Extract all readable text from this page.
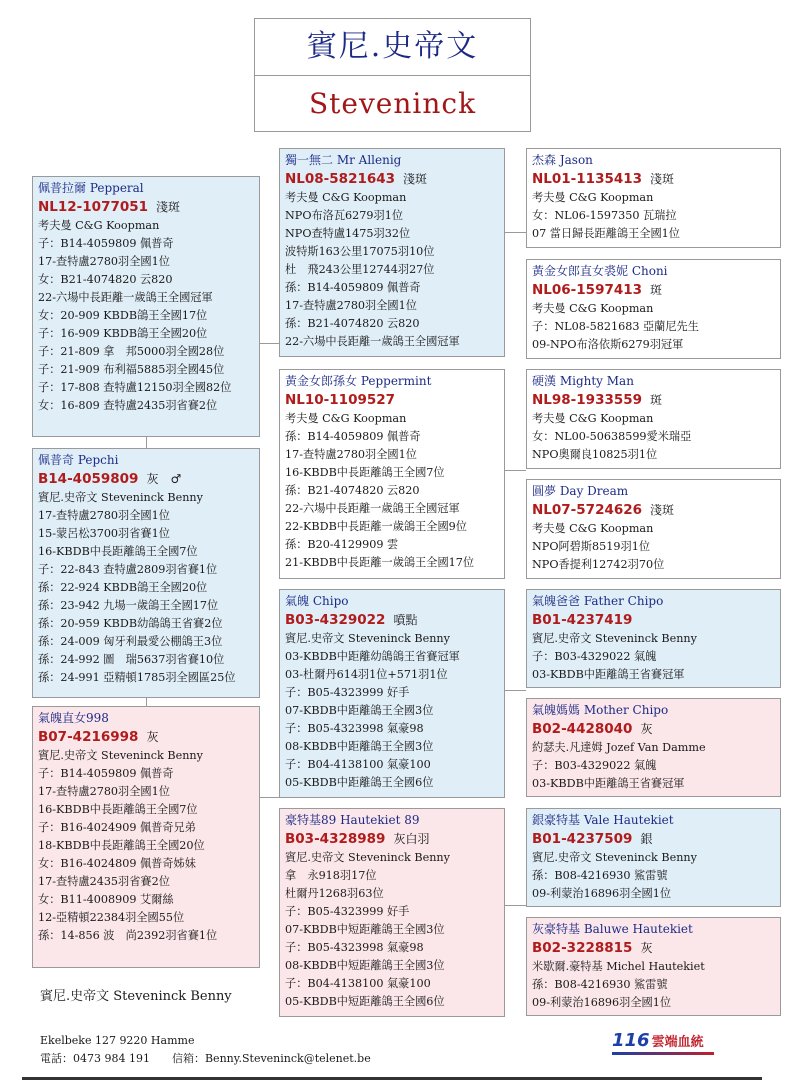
賓尼.史帝文
Steveninck
佩普拉爾 Pepperal
NL12-1077051 淺斑
考夫曼 C&G Koopman
子：B14-4059809 佩普奇
17-查特盧2780羽全國1位
女：B21-4074820 云820
22-六場中長距離一歲鴿王全國冠軍
女：20-909 KBDB鴿王全國17位
子：16-909 KBDB鴿王全國20位
子：21-809 拿　邦5000羽全國28位
子：21-909 布利福5885羽全國45位
子：17-808 查特盧12150羽全國82位
女：16-809 查特盧2435羽省賽2位
佩普奇 Pepchi
B14-4059809 灰　♂
賓尼.史帝文 Steveninck Benny
17-查特盧2780羽全國1位
15-蒙呂松3700羽省賽1位
16-KBDB中長距離鴿王全國7位
子：22-843 查特盧2809羽省賽1位
孫：22-924 KBDB鴿王全國20位
孫：23-942 九場一歲鴿王全國17位
孫：20-959 KBDB幼鴿鴿王省賽2位
孫：24-009 匈牙利最愛公棚鴿王3位
孫：24-992 圖　瑞5637羽省賽10位
孫：24-991 亞精頓1785羽全國區25位
氣魄直女998
B07-4216998 灰
賓尼.史帝文 Steveninck Benny
子：B14-4059809 佩普奇
17-查特盧2780羽全國1位
16-KBDB中長距離鴿王全國7位
子：B16-4024909 佩普奇兄弟
18-KBDB中長距離鴿王全國20位
女：B16-4024809 佩普奇姊妹
17-查特盧2435羽省賽2位
女：B11-4008909 艾爾絲
12-亞精頓22384羽全國55位
孫：14-856 波　尚2392羽省賽1位
獨一無二 Mr Allenig
NL08-5821643 淺斑
考夫曼 C&G Koopman
NPO布洛瓦6279羽1位
NPO查特盧1475羽32位
波特斯163公里17075羽10位
杜　飛243公里12744羽27位
孫：B14-4059809 佩普奇
17-查特盧2780羽全國1位
孫：B21-4074820 云820
22-六場中長距離一歲鴿王全國冠軍
黃金女郎孫女 Peppermint
NL10-1109527
考夫曼 C&G Koopman
孫：B14-4059809 佩普奇
17-查特盧2780羽全國1位
16-KBDB中長距離鴿王全國7位
孫：B21-4074820 云820
22-六場中長距離一歲鴿王全國冠軍
22-KBDB中長距離一歲鴿王全國9位
孫：B20-4129909 雲
21-KBDB中長距離一歲鴿王全國17位
氣魄 Chipo
B03-4329022 噴點
賓尼.史帝文 Steveninck Benny
03-KBDB中距離幼鴿鴿王省賽冠軍
03-杜爾丹614羽1位+571羽1位
子：B05-4323999 好手
07-KBDB中距離鴿王全國3位
子：B05-4323998 氣豪98
08-KBDB中距離鴿王全國3位
子：B04-4138100 氣豪100
05-KBDB中距離鴿王全國6位
豪特基89 Hautekiet 89
B03-4328989 灰白羽
賓尼.史帝文 Steveninck Benny
拿　永918羽17位
杜爾丹1268羽63位
子：B05-4323999 好手
07-KBDB中短距離鴿王全國3位
子：B05-4323998 氣豪98
08-KBDB中短距離鴿王全國3位
子：B04-4138100 氣豪100
05-KBDB中短距離鴿王全國6位
杰森 Jason
NL01-1135413 淺斑
考夫曼 C&G Koopman
女：NL06-1597350 瓦瑞拉
07 當日歸長距離鴿王全國1位
黃金女郎直女裘妮 Choni
NL06-1597413 斑
考夫曼 C&G Koopman
子：NL08-5821683 亞蘭尼先生
09-NPO布洛依斯6279羽冠軍
硬漢 Mighty Man
NL98-1933559 斑
考夫曼 C&G Koopman
女：NL00-50638599愛米瑞亞
NPO奧爾良10825羽1位
圓夢 Day Dream
NL07-5724626 淺斑
考夫曼 C&G Koopman
NPO阿碧斯8519羽1位
NPO香提利12742羽70位
氣魄爸爸 Father Chipo
B01-4237419
賓尼.史帝文 Steveninck Benny
子：B03-4329022 氣魄
03-KBDB中距離鴿王省賽冠軍
氣魄媽媽 Mother Chipo
B02-4428040 灰
約瑟夫.凡達姆 Jozef Van Damme
子：B03-4329022 氣魄
03-KBDB中距離鴿王省賽冠軍
銀豪特基 Vale Hautekiet
B01-4237509 銀
賓尼.史帝文 Steveninck Benny
孫：B08-4216930 鯊雷號
09-利蒙治16896羽全國1位
灰豪特基 Baluwe Hautekiet
B02-3228815 灰
米歇爾.豪特基 Michel Hautekiet
孫：B08-4216930 鯊雷號
09-利蒙治16896羽全國1位
賓尼.史帝文 Steveninck Benny
Ekelbeke 127 9220 Hamme
電話：0473 984 191　　信箱：Benny.Steveninck@telenet.be
116 雲端血統
